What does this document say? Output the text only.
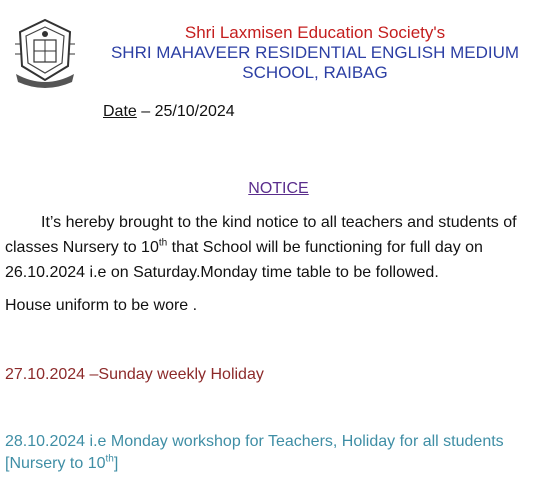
Shri Laxmisen Education Society's
SHRI MAHAVEER RESIDENTIAL ENGLISH MEDIUM
SCHOOL, RAIBAG
Date – 25/10/2024
NOTICE
It’s hereby brought to the kind notice to all teachers and students of classes Nursery to 10th that School will be functioning for full day on 26.10.2024 i.e on Saturday.Monday time table to be followed.
House uniform to be wore .
27.10.2024 –Sunday weekly Holiday
28.10.2024 i.e Monday workshop for Teachers, Holiday for all students [Nursery to 10th]
